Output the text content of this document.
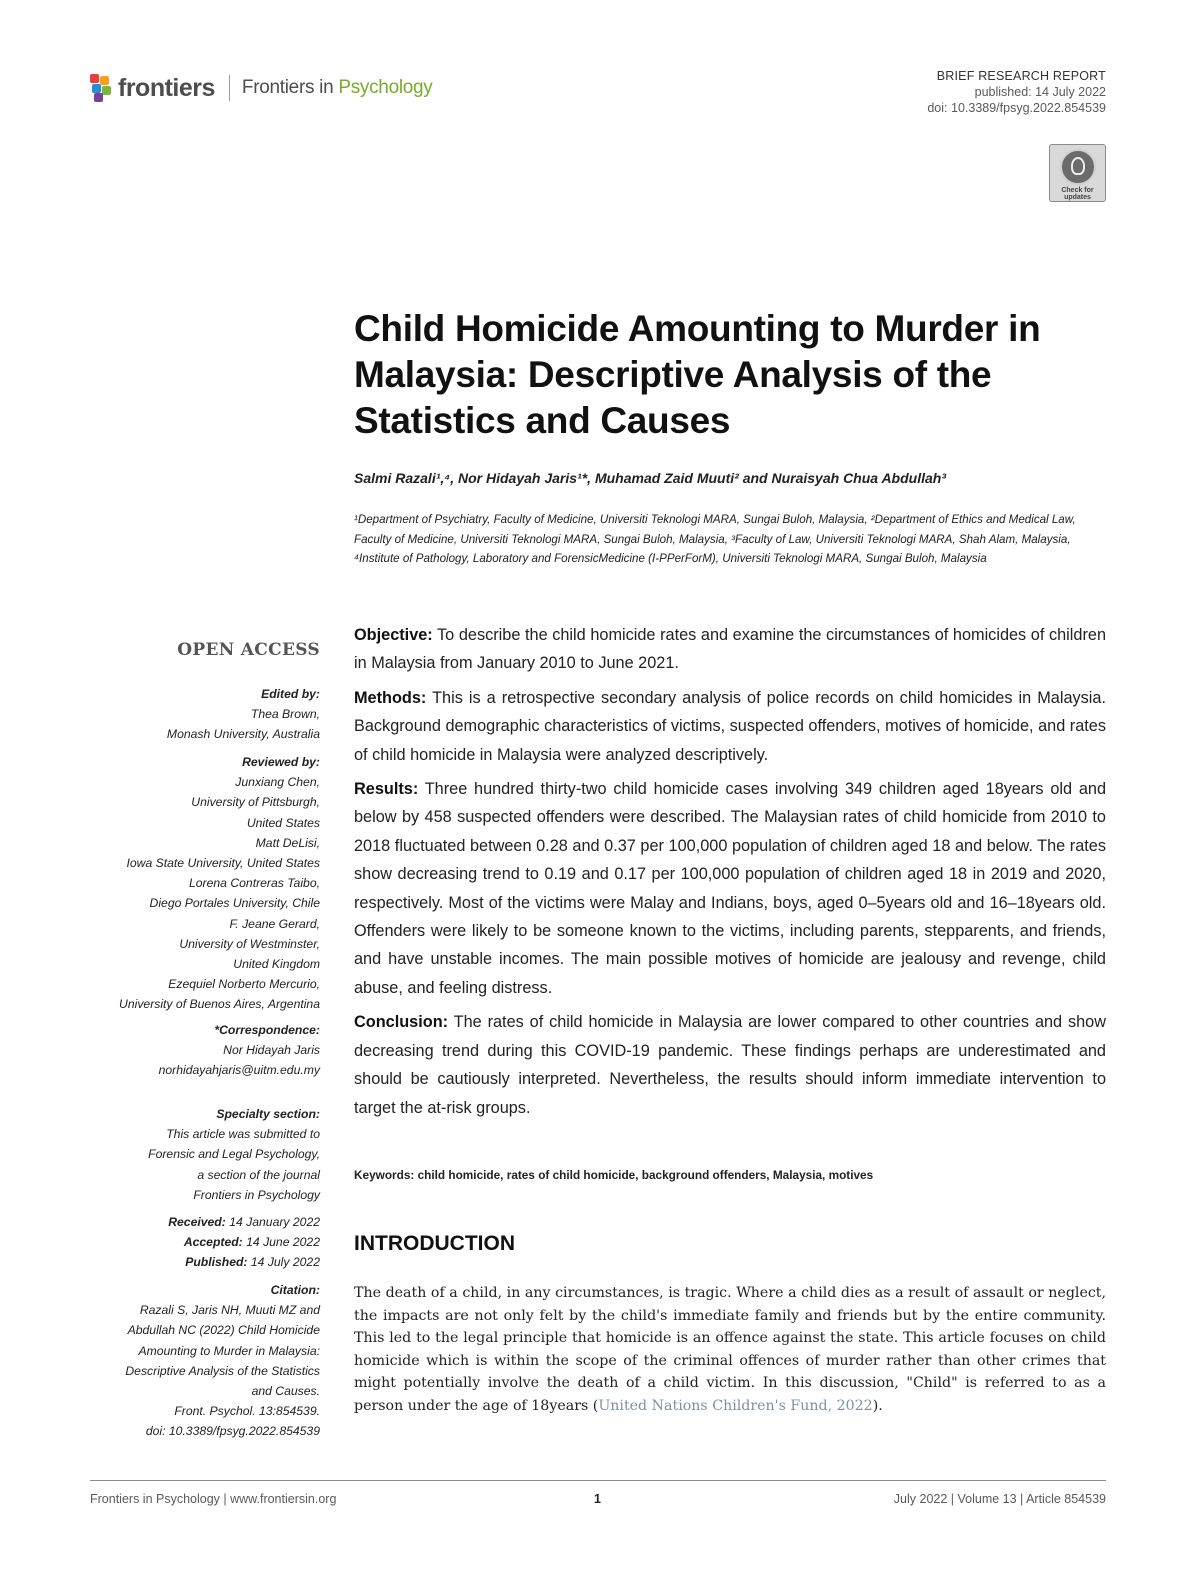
frontiers Frontiers in Psychology
BRIEF RESEARCH REPORT
published: 14 July 2022
doi: 10.3389/fpsyg.2022.854539
Check for updates
Child Homicide Amounting to Murder in Malaysia: Descriptive Analysis of the Statistics and Causes
Salmi Razali¹,⁴, Nor Hidayah Jaris¹*, Muhamad Zaid Muuti² and Nuraisyah Chua Abdullah³
¹Department of Psychiatry, Faculty of Medicine, Universiti Teknologi MARA, Sungai Buloh, Malaysia, ²Department of Ethics and Medical Law, Faculty of Medicine, Universiti Teknologi MARA, Sungai Buloh, Malaysia, ³Faculty of Law, Universiti Teknologi MARA, Shah Alam, Malaysia, ⁴Institute of Pathology, Laboratory and ForensicMedicine (I-PPerForM), Universiti Teknologi MARA, Sungai Buloh, Malaysia

Objective: To describe the child homicide rates and examine the circumstances of homicides of children in Malaysia from January 2010 to June 2021.

Methods: This is a retrospective secondary analysis of police records on child homicides in Malaysia. Background demographic characteristics of victims, suspected offenders, motives of homicide, and rates of child homicide in Malaysia were analyzed descriptively.

Results: Three hundred thirty-two child homicide cases involving 349 children aged 18years old and below by 458 suspected offenders were described. The Malaysian rates of child homicide from 2010 to 2018 fluctuated between 0.28 and 0.37 per 100,000 population of children aged 18 and below. The rates show decreasing trend to 0.19 and 0.17 per 100,000 population of children aged 18 in 2019 and 2020, respectively. Most of the victims were Malay and Indians, boys, aged 0–5years old and 16–18years old. Offenders were likely to be someone known to the victims, including parents, stepparents, and friends, and have unstable incomes. The main possible motives of homicide are jealousy and revenge, child abuse, and feeling distress.

Conclusion: The rates of child homicide in Malaysia are lower compared to other countries and show decreasing trend during this COVID-19 pandemic. These findings perhaps are underestimated and should be cautiously interpreted. Nevertheless, the results should inform immediate intervention to target the at-risk groups.

Keywords: child homicide, rates of child homicide, background offenders, Malaysia, motives
INTRODUCTION

The death of a child, in any circumstances, is tragic. Where a child dies as a result of assault or neglect, the impacts are not only felt by the child's immediate family and friends but by the entire community. This led to the legal principle that homicide is an offence against the state. This article focuses on child homicide which is within the scope of the criminal offences of murder rather than other crimes that might potentially involve the death of a child victim. In this discussion, "Child" is referred to as a person under the age of 18years (United Nations Children's Fund, 2022).

OPEN ACCESS
Edited by:
Thea Brown,
Monash University, Australia
Reviewed by:
Junxiang Chen,
University of Pittsburgh,
United States
Matt DeLisi,
Iowa State University, United States
Lorena Contreras Taibo,
Diego Portales University, Chile
F. Jeane Gerard,
University of Westminster,
United Kingdom
Ezequiel Norberto Mercurio,
University of Buenos Aires, Argentina
*Correspondence:
Nor Hidayah Jaris
norhidayahjaris@uitm.edu.my
Specialty section:
This article was submitted to
Forensic and Legal Psychology,
a section of the journal
Frontiers in Psychology
Received: 14 January 2022
Accepted: 14 June 2022
Published: 14 July 2022
Citation:
Razali S, Jaris NH, Muuti MZ and
Abdullah NC (2022) Child Homicide
Amounting to Murder in Malaysia:
Descriptive Analysis of the Statistics
and Causes.
Front. Psychol. 13:854539.
doi: 10.3389/fpsyg.2022.854539
Frontiers in Psychology | www.frontiersin.org	1	July 2022 | Volume 13 | Article 854539
